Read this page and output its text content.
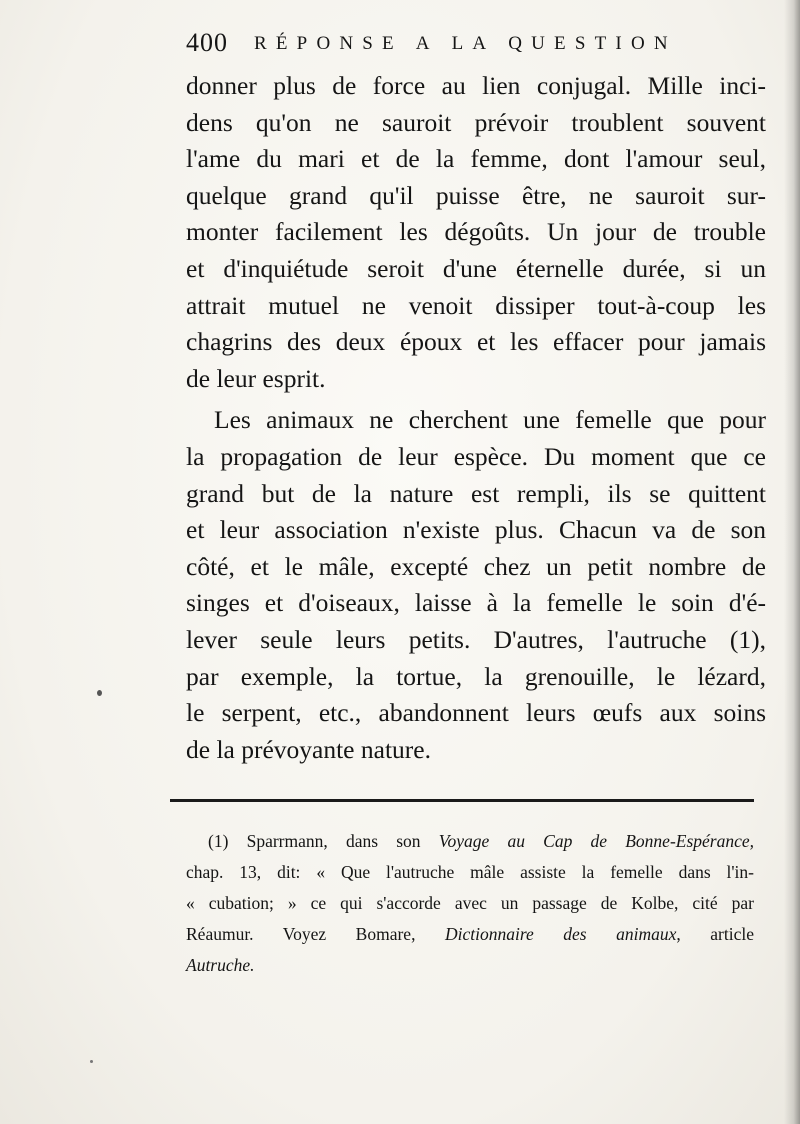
400 RÉPONSE A LA QUESTION
donner plus de force au lien conjugal. Mille inci-
dens qu'on ne sauroit prévoir troublent souvent
l'ame du mari et de la femme, dont l'amour seul,
quelque grand qu'il puisse être, ne sauroit sur-
monter facilement les dégoûts. Un jour de trouble
et d'inquiétude seroit d'une éternelle durée, si un
attrait mutuel ne venoit dissiper tout-à-coup les
chagrins des deux époux et les effacer pour jamais
de leur esprit.
Les animaux ne cherchent une femelle que pour
la propagation de leur espèce. Du moment que ce
grand but de la nature est rempli, ils se quittent
et leur association n'existe plus. Chacun va de son
côté, et le mâle, excepté chez un petit nombre de
singes et d'oiseaux, laisse à la femelle le soin d'é-
lever seule leurs petits. D'autres, l'autruche (1),
par exemple, la tortue, la grenouille, le lézard,
le serpent, etc., abandonnent leurs œufs aux soins
de la prévoyante nature.
(1) Sparrmann, dans son Voyage au Cap de Bonne-Espérance,
chap. 13, dit: « Que l'autruche mâle assiste la femelle dans l'in-
« cubation; » ce qui s'accorde avec un passage de Kolbe, cité par
Réaumur. Voyez Bomare, Dictionnaire des animaux, article
Autruche.
